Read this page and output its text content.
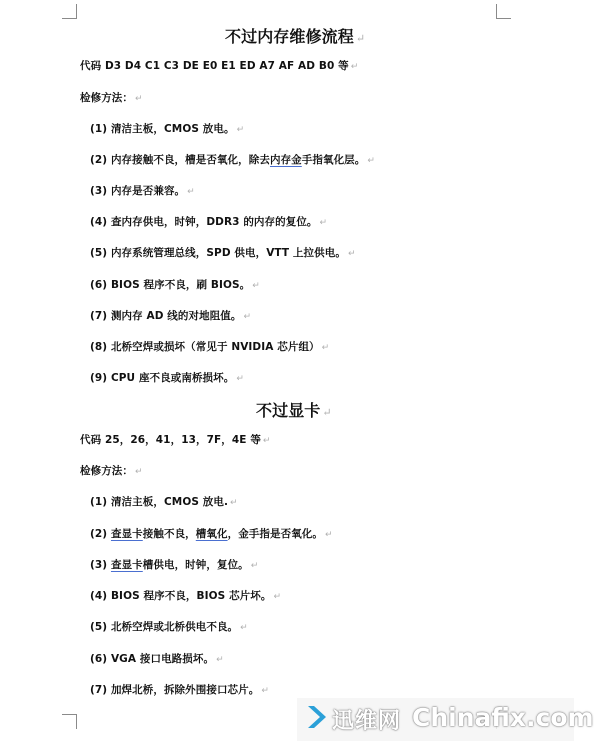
不过内存维修流程 ↵
代码 D3 D4 C1 C3 DE E0 E1 ED A7 AF AD B0 等 ↵
检修方法： ↵
(1) 清洁主板，CMOS 放电。 ↵
(2) 内存接触不良，槽是否氧化，除去内存金手指氧化层。 ↵
(3) 内存是否兼容。 ↵
(4) 查内存供电，时钟，DDR3 的内存的复位。 ↵
(5) 内存系统管理总线，SPD 供电，VTT 上拉供电。 ↵
(6) BIOS 程序不良，刷 BIOS。 ↵
(7) 测内存 AD 线的对地阻值。 ↵
(8) 北桥空焊或损坏（常见于 NVIDIA 芯片组） ↵
(9) CPU 座不良或南桥损坏。 ↵
不过显卡 ↵
代码 25，26，41，13，7F，4E 等 ↵
检修方法： ↵
(1) 清洁主板，CMOS 放电. ↵
(2) 查显卡接触不良，槽氧化，金手指是否氧化。 ↵
(3) 查显卡槽供电，时钟，复位。 ↵
(4) BIOS 程序不良，BIOS 芯片坏。 ↵
(5) 北桥空焊或北桥供电不良。 ↵
(6) VGA 接口电路损坏。 ↵
(7) 加焊北桥，拆除外围接口芯片。 ↵
迅维网 Chinafix.com
